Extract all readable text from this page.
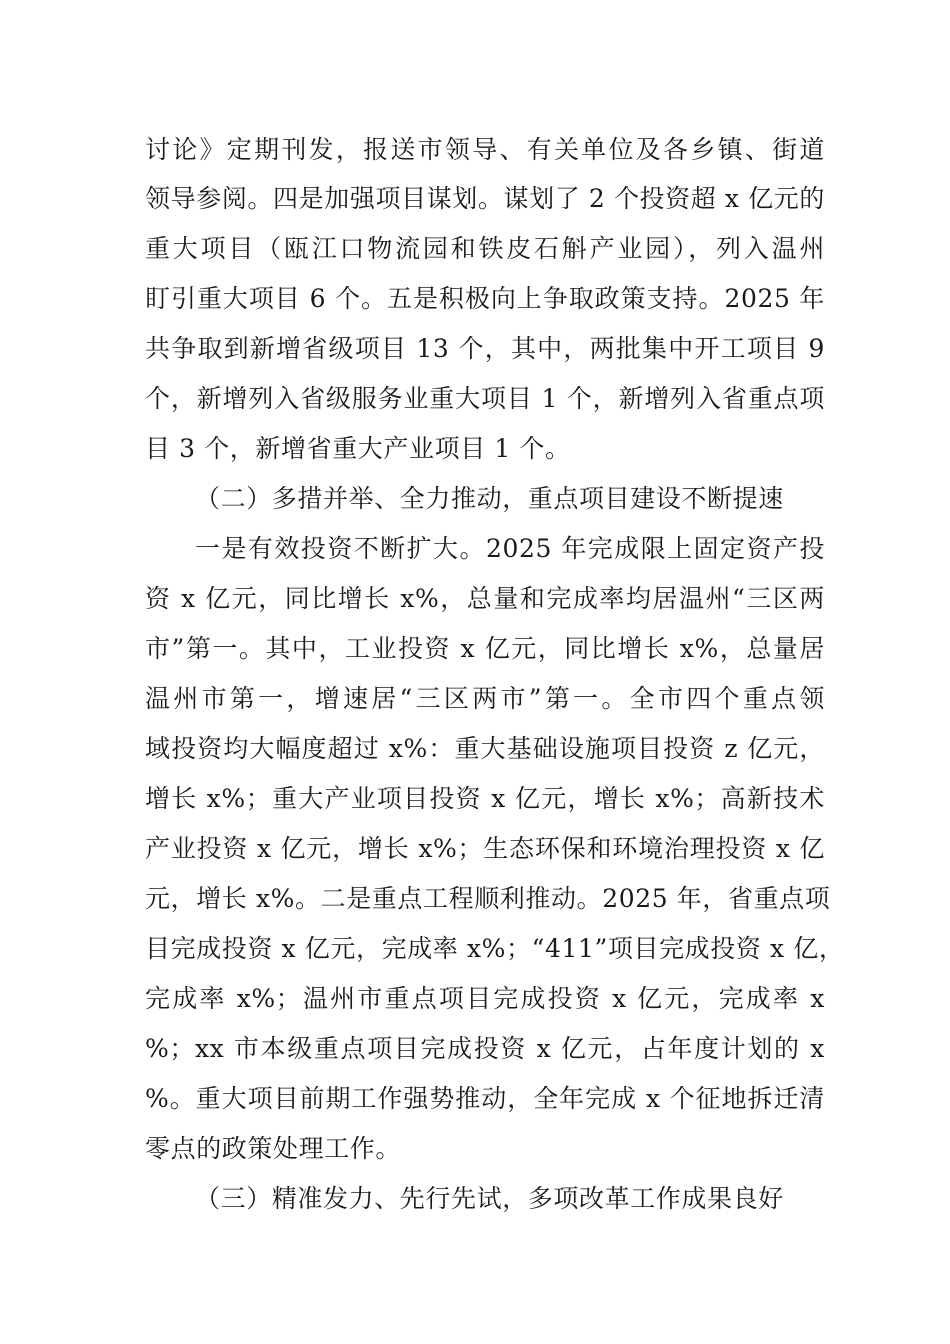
讨论》定期刊发，报送市领导、有关单位及各乡镇、街道
领导参阅。四是加强项目谋划。谋划了 2 个投资超 x 亿元的
重大项目（瓯江口物流园和铁皮石斛产业园），列入温州
盯引重大项目 6 个。五是积极向上争取政策支持。2025 年
共争取到新增省级项目 13 个，其中，两批集中开工项目 9
个，新增列入省级服务业重大项目 1 个，新增列入省重点项
目 3 个，新增省重大产业项目 1 个。
（二）多措并举、全力推动，重点项目建设不断提速
一是有效投资不断扩大。2025 年完成限上固定资产投
资 x 亿元，同比增长 x%，总量和完成率均居温州“三区两
市”第一。其中，工业投资 x 亿元，同比增长 x%，总量居
温州市第一，增速居“三区两市”第一。全市四个重点领
域投资均大幅度超过 x%：重大基础设施项目投资 z 亿元，
增长 x%；重大产业项目投资 x 亿元，增长 x%；高新技术
产业投资 x 亿元，增长 x%；生态环保和环境治理投资 x 亿
元，增长 x%。二是重点工程顺利推动。2025 年，省重点项
目完成投资 x 亿元，完成率 x%；“411”项目完成投资 x 亿，
完成率 x%；温州市重点项目完成投资 x 亿元，完成率 x
%；xx 市本级重点项目完成投资 x 亿元，占年度计划的 x
%。重大项目前期工作强势推动，全年完成 x 个征地拆迁清
零点的政策处理工作。
（三）精准发力、先行先试，多项改革工作成果良好
